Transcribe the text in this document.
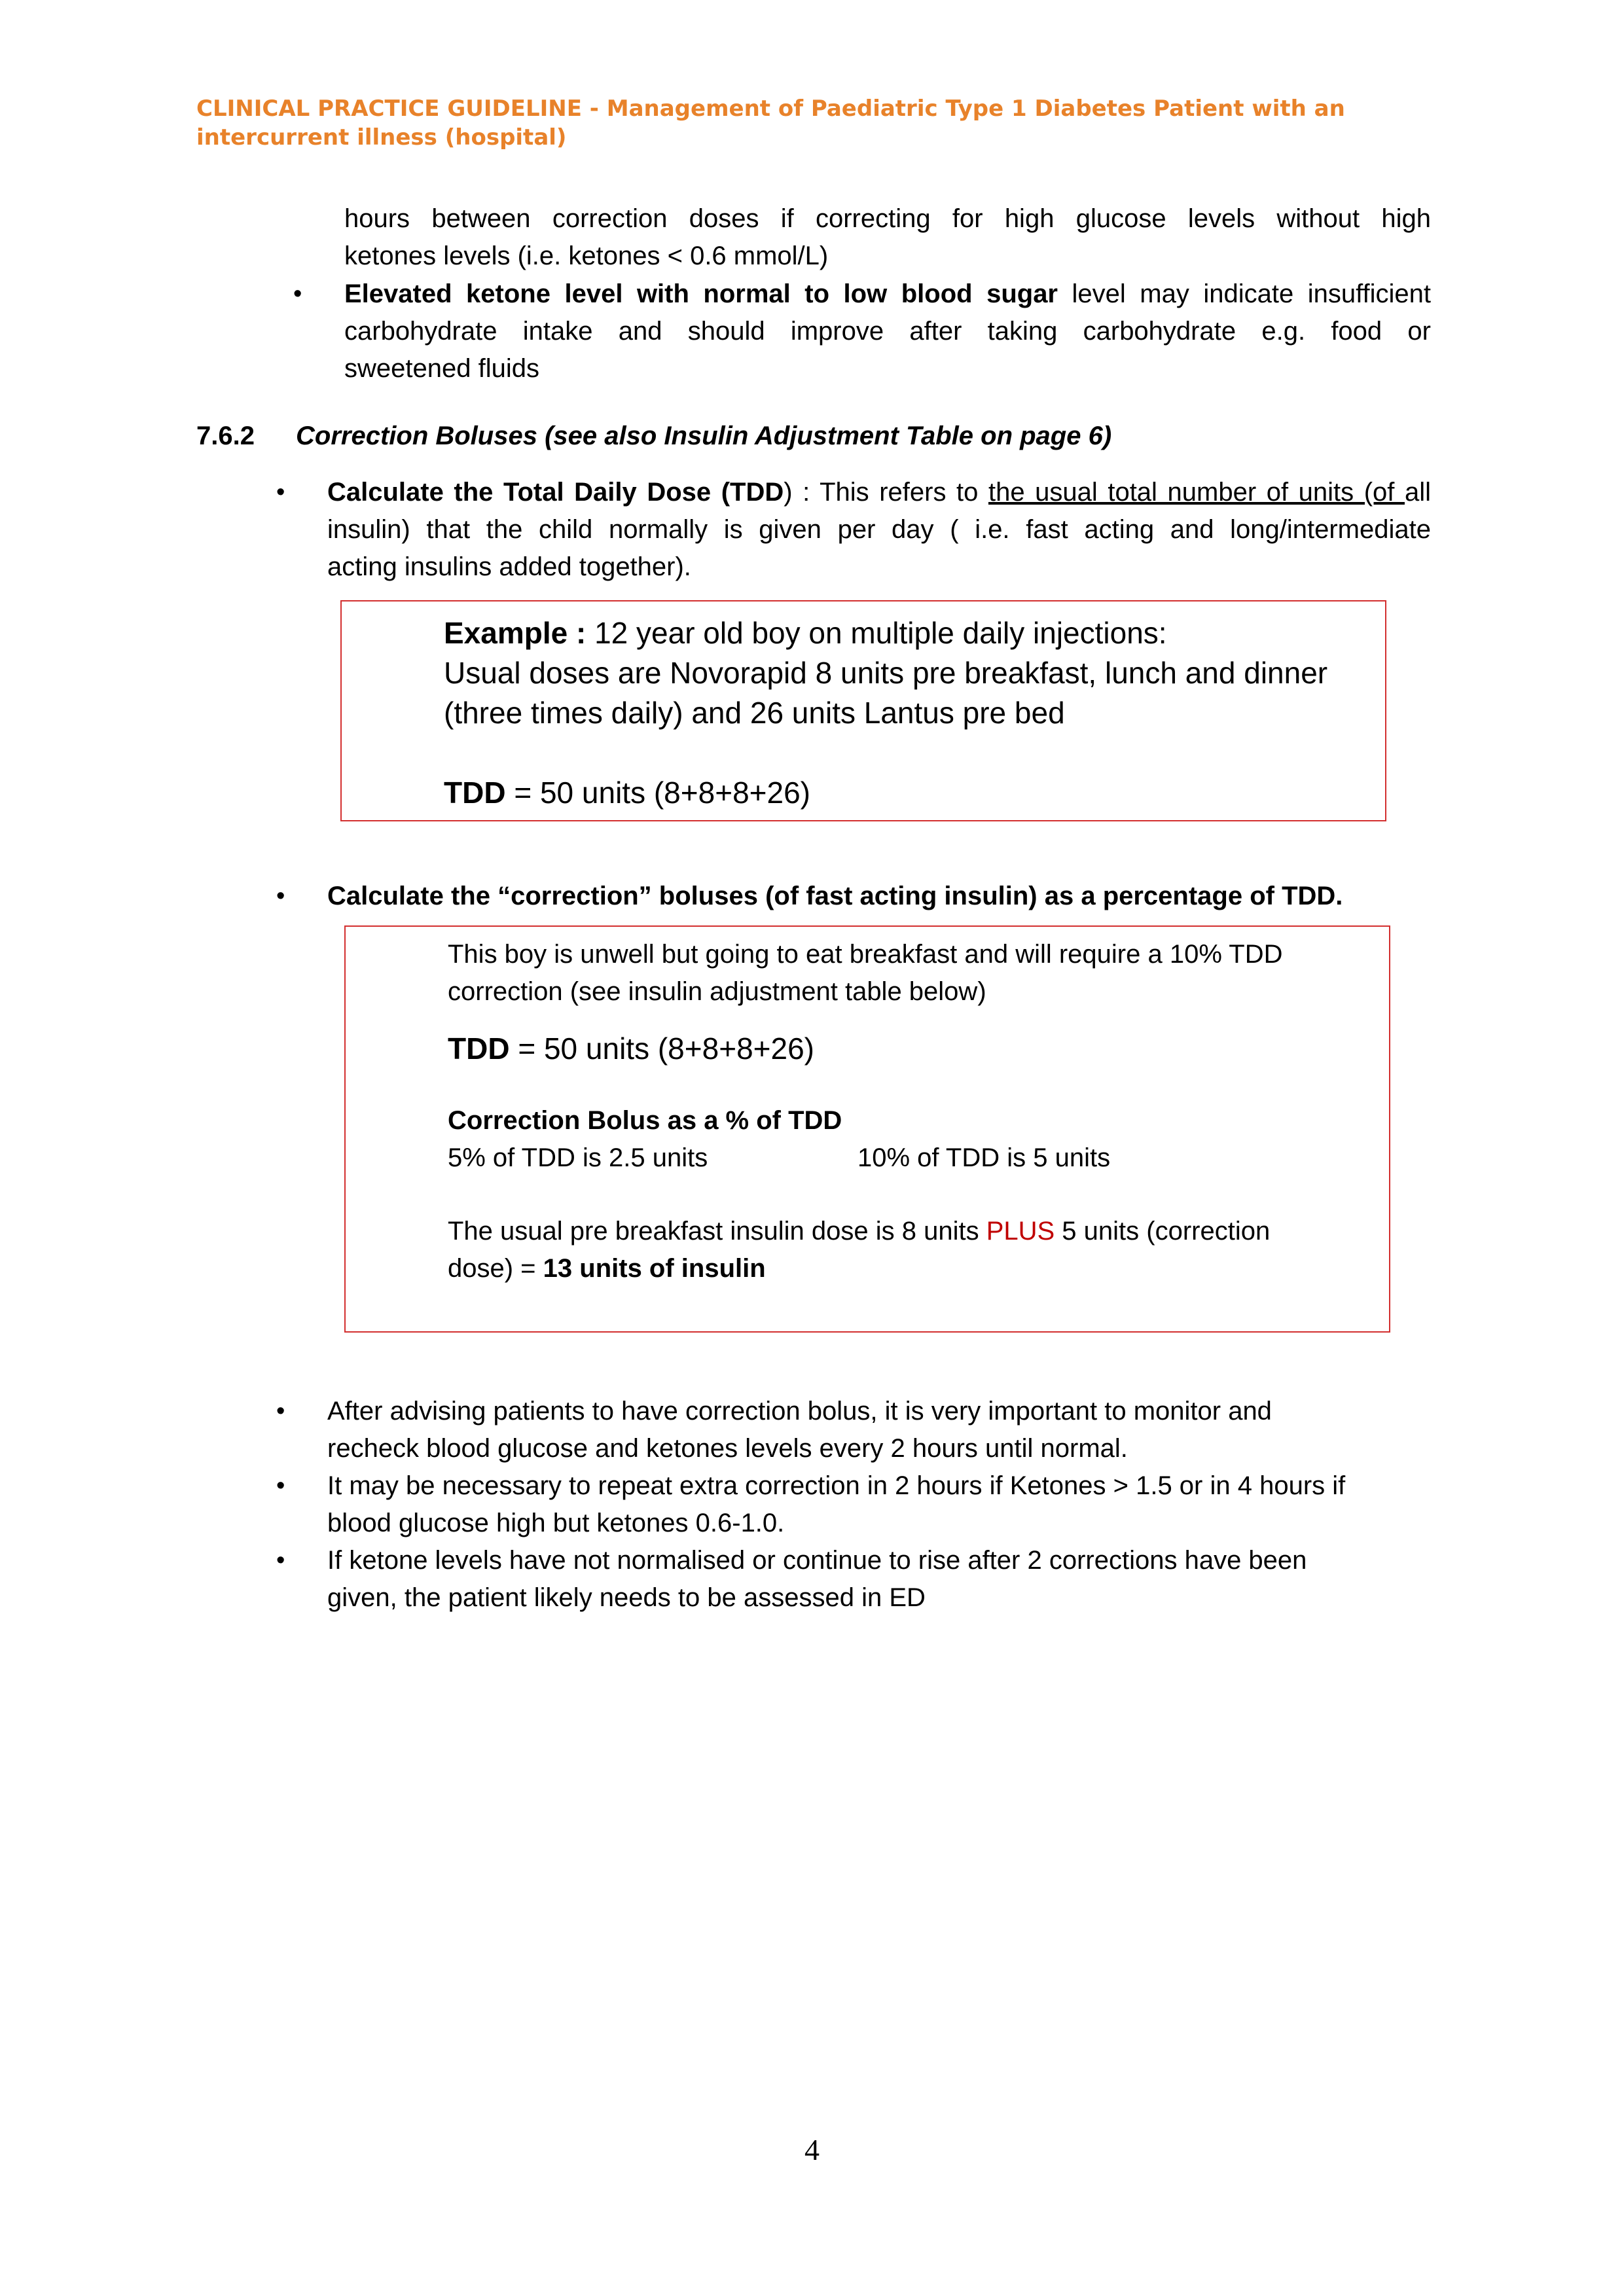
CLINICAL PRACTICE GUIDELINE - Management of Paediatric Type 1 Diabetes Patient with an
intercurrent illness (hospital)
hours between correction doses if correcting for high glucose levels without high
ketones levels (i.e. ketones < 0.6 mmol/L)
• Elevated ketone level with normal to low blood sugar level may indicate insufficient
carbohydrate intake and should improve after taking carbohydrate e.g. food or
sweetened fluids
7.6.2 Correction Boluses (see also Insulin Adjustment Table on page 6)
• Calculate the Total Daily Dose (TDD) : This refers to the usual total number of units (of all
insulin) that the child normally is given per day ( i.e. fast acting and long/intermediate
acting insulins added together).
Example : 12 year old boy on multiple daily injections:
Usual doses are Novorapid 8 units pre breakfast, lunch and dinner
(three times daily) and 26 units Lantus pre bed
TDD = 50 units (8+8+8+26)
• Calculate the “correction” boluses (of fast acting insulin) as a percentage of TDD.
This boy is unwell but going to eat breakfast and will require a 10% TDD
correction (see insulin adjustment table below)
TDD = 50 units (8+8+8+26)
Correction Bolus as a % of TDD
5% of TDD is 2.5 units	10% of TDD is 5 units
The usual pre breakfast insulin dose is 8 units PLUS 5 units (correction
dose) = 13 units of insulin
• After advising patients to have correction bolus, it is very important to monitor and
recheck blood glucose and ketones levels every 2 hours until normal.
• It may be necessary to repeat extra correction in 2 hours if Ketones > 1.5 or in 4 hours if
blood glucose high but ketones 0.6-1.0.
• If ketone levels have not normalised or continue to rise after 2 corrections have been
given, the patient likely needs to be assessed in ED
4
